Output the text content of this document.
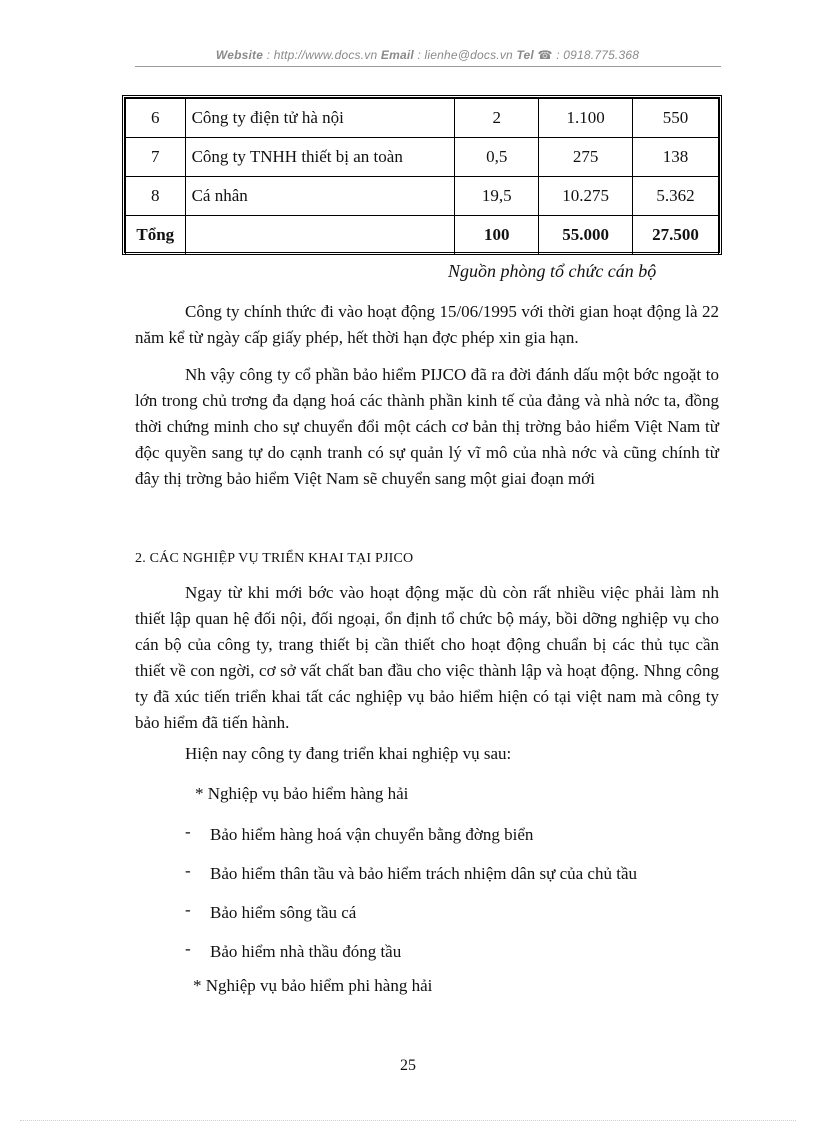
Website : http://www.docs.vn Email : lienhe@docs.vn Tel ☎ : 0918.775.368
6	Công ty điện tử hà nội	2	1.100	550
7	Công ty TNHH thiết bị an toàn	0,5	275	138
8	Cá nhân	19,5	10.275	5.362
Tổng		100	55.000	27.500
Nguồn phòng tổ chức cán bộ

Công ty chính thức đi vào hoạt động 15/06/1995 với thời gian hoạt động là 22 năm kể từ ngày cấp giấy phép, hết thời hạn đợc phép xin gia hạn.

Nh vậy công ty cổ phần bảo hiểm PIJCO đã ra đời đánh dấu một bớc ngoặt to lớn trong chủ trơng đa dạng hoá các thành phần kinh tế của đảng và nhà nớc ta, đồng thời chứng minh cho sự chuyển đổi một cách cơ bản thị trờng bảo hiểm Việt Nam từ độc quyền sang tự do cạnh tranh có sự quản lý vĩ mô của nhà nớc và cũng chính từ đây thị trờng bảo hiểm Việt Nam sẽ chuyển sang một giai đoạn mới

2. CÁC NGHIỆP VỤ TRIỂN KHAI TẠI PJICO

Ngay từ khi mới bớc vào hoạt động mặc dù còn rất nhiều việc phải làm nh thiết lập quan hệ đối nội, đối ngoại, ổn định tổ chức bộ máy, bồi dỡng nghiệp vụ cho cán bộ của công ty, trang thiết bị cần thiết cho hoạt động chuẩn bị các thủ tục cần thiết về con ngời, cơ sở vất chất ban đầu cho việc thành lập và hoạt động. Nhng công ty đã xúc tiến triển khai tất các nghiệp vụ bảo hiểm hiện có tại việt nam mà công ty bảo hiểm đã tiến hành.

Hiện nay công ty đang triển khai nghiệp vụ sau:
* Nghiệp vụ bảo hiểm hàng hải
- Bảo hiểm hàng hoá vận chuyển bằng đờng biển
- Bảo hiểm thân tầu và bảo hiểm trách nhiệm dân sự của chủ tầu
- Bảo hiểm sông tầu cá
- Bảo hiểm nhà thầu đóng tầu
* Nghiệp vụ bảo hiểm phi hàng hải
25
